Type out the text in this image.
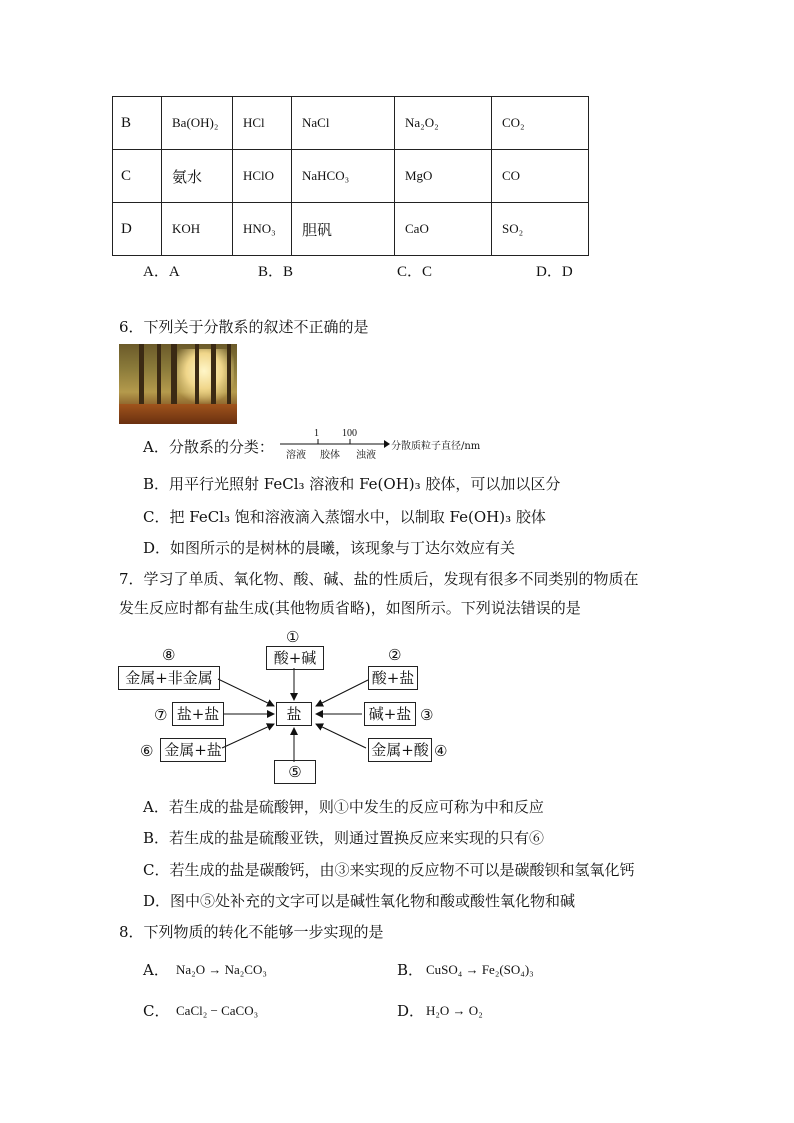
B	Ba(OH)₂	HCl	NaCl	Na₂O₂	CO₂
C	氨水	HClO	NaHCO₃	MgO	CO
D	KOH	HNO₃	胆矾	CaO	SO₂
A．A	B．B	C．C	D．D
6．下列关于分散系的叙述不正确的是
A．分散系的分类：
1 100
溶液 胶体 浊液
分散质粒子直径/nm
B．用平行光照射 FeCl₃ 溶液和 Fe(OH)₃ 胶体，可以加以区分
C．把 FeCl₃ 饱和溶液滴入蒸馏水中，以制取 Fe(OH)₃ 胶体
D．如图所示的是树林的晨曦，该现象与丁达尔效应有关
7．学习了单质、氧化物、酸、碱、盐的性质后，发现有很多不同类别的物质在
发生反应时都有盐生成(其他物质省略)，如图所示。下列说法错误的是
盐
①
酸+碱	②
酸+盐
碱+盐 ③
金属+酸 ④
⑤
⑥ 金属+盐
⑦ 盐+盐
⑧
金属+非金属
A．若生成的盐是硫酸钾，则①中发生的反应可称为中和反应
B．若生成的盐是硫酸亚铁，则通过置换反应来实现的只有⑥
C．若生成的盐是碳酸钙，由③来实现的反应物不可以是碳酸钡和氢氧化钙
D．图中⑤处补充的文字可以是碱性氧化物和酸或酸性氧化物和碱
8．下列物质的转化不能够一步实现的是
A． Na₂O → Na₂CO₃	B． CuSO₄ → Fe₂(SO₄)₃
C． CaCl₂ − CaCO₃	D． H₂O → O₂
